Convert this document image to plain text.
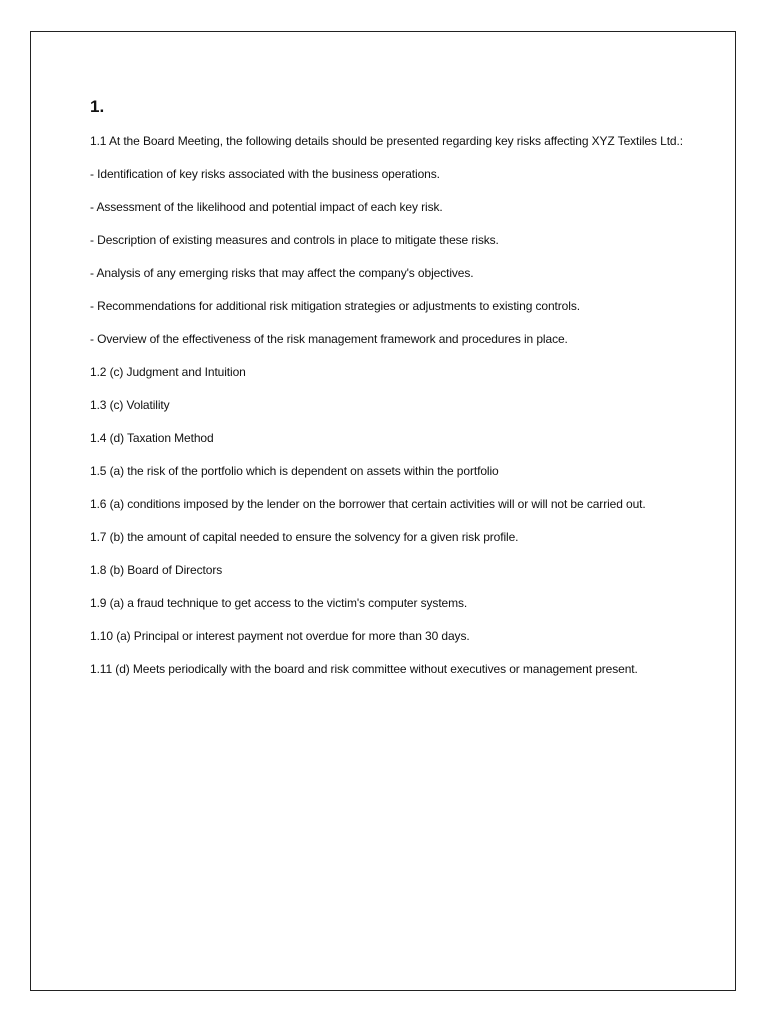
1.

1.1 At the Board Meeting, the following details should be presented regarding key risks affecting XYZ Textiles Ltd.:

- Identification of key risks associated with the business operations.

- Assessment of the likelihood and potential impact of each key risk.

- Description of existing measures and controls in place to mitigate these risks.

- Analysis of any emerging risks that may affect the company's objectives.

- Recommendations for additional risk mitigation strategies or adjustments to existing controls.

- Overview of the effectiveness of the risk management framework and procedures in place.

1.2 (c) Judgment and Intuition

1.3 (c) Volatility

1.4 (d) Taxation Method

1.5 (a) the risk of the portfolio which is dependent on assets within the portfolio

1.6 (a) conditions imposed by the lender on the borrower that certain activities will or will not be carried out.

1.7 (b) the amount of capital needed to ensure the solvency for a given risk profile.

1.8 (b) Board of Directors

1.9 (a) a fraud technique to get access to the victim's computer systems.

1.10 (a) Principal or interest payment not overdue for more than 30 days.

1.11 (d) Meets periodically with the board and risk committee without executives or management present.
